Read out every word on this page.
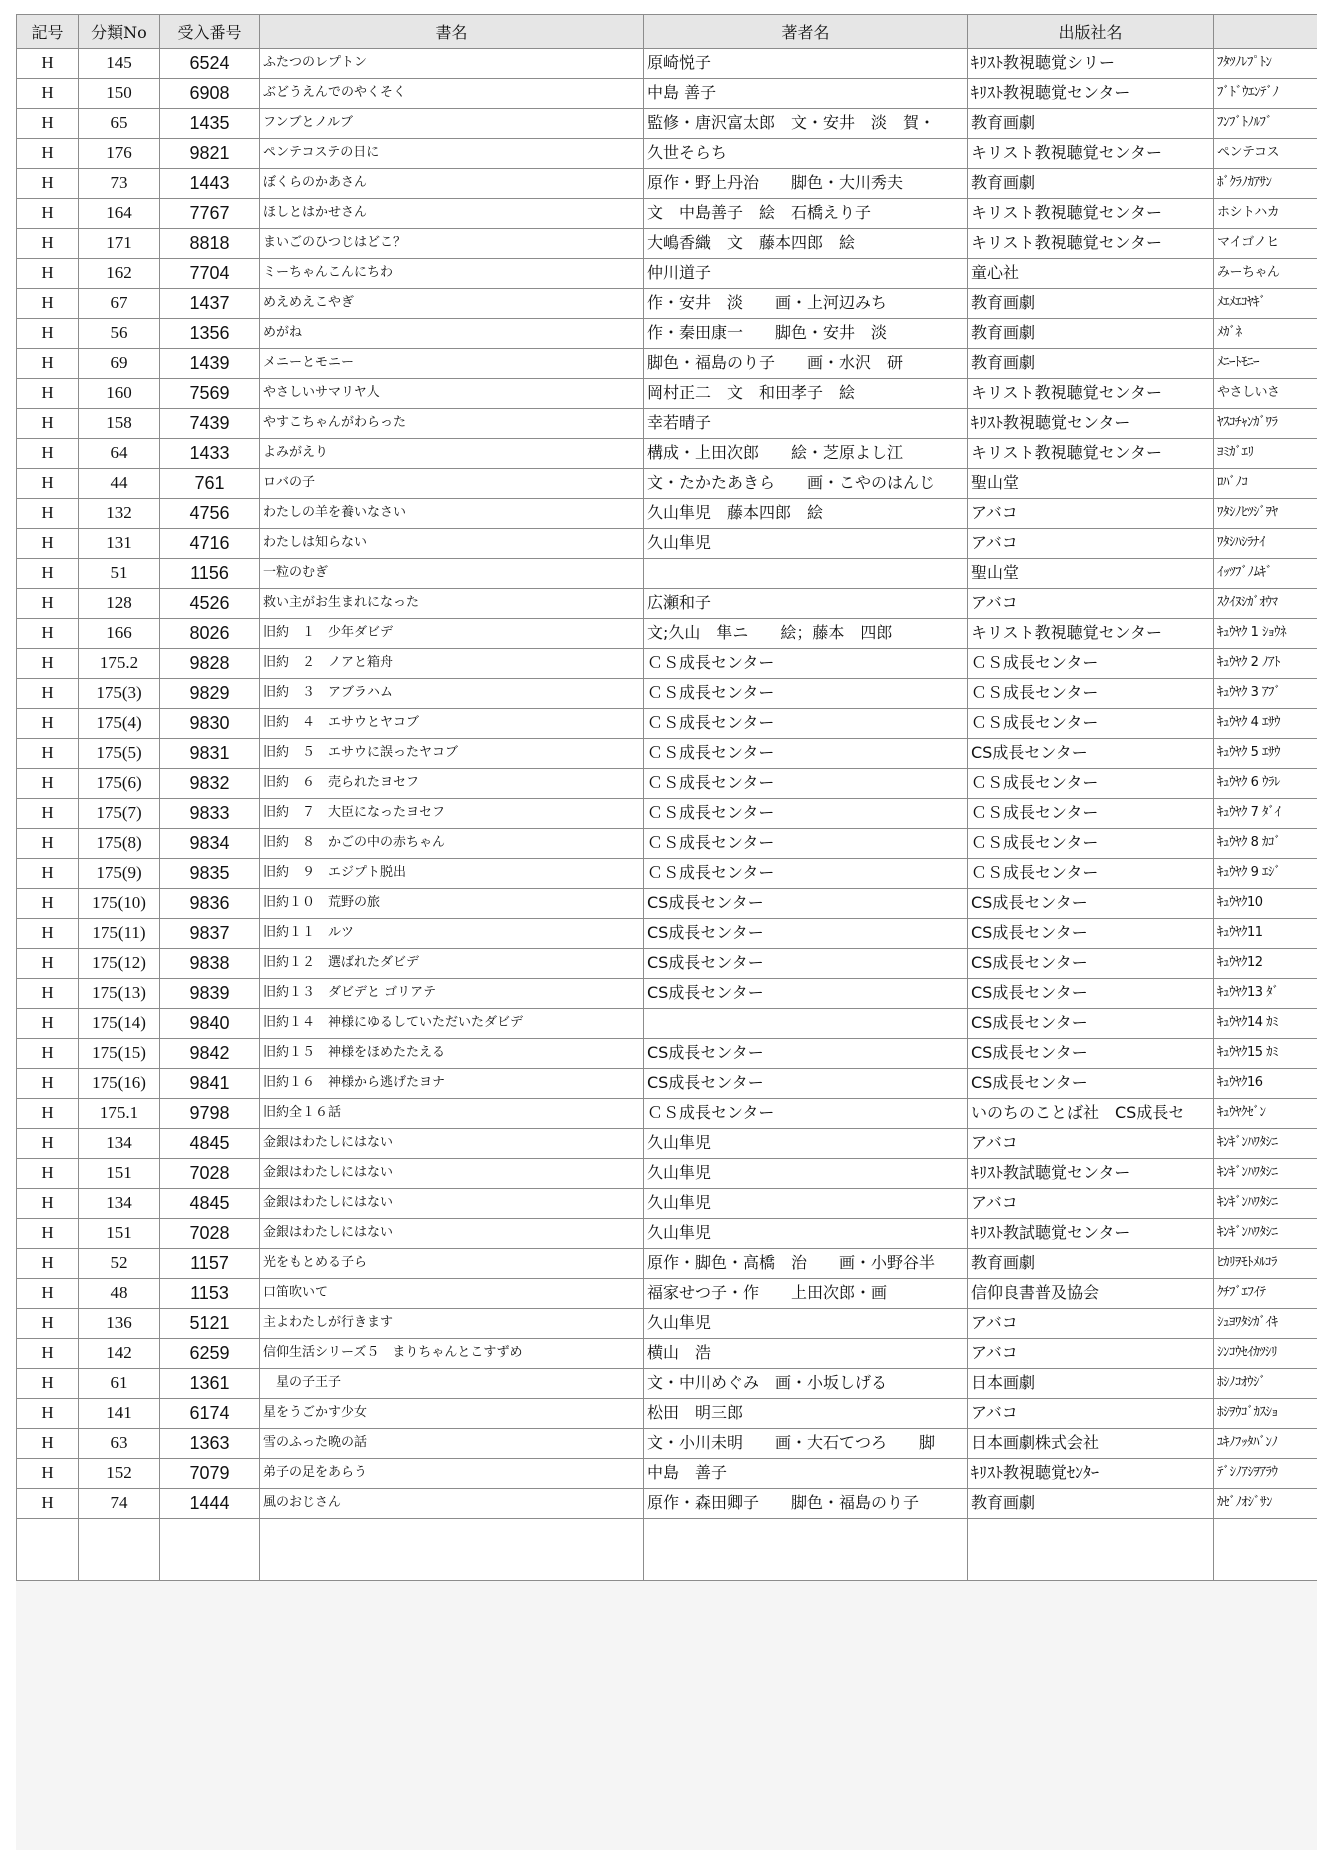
記号	分類No	受入番号	書名	著者名	出版社名	
H	145	6524	ふたつのレプトン	原崎悦子	ｷﾘｽﾄ教視聴覚シリー	ﾌﾀﾂﾉﾚﾌﾟﾄﾝ
H	150	6908	ぶどうえんでのやくそく	中島 善子	ｷﾘｽﾄ教視聴覚センター	ﾌﾞﾄﾞｳｴﾝﾃﾞﾉ
H	65	1435	フンブとノルブ	監修・唐沢富太郎　文・安井　淡　賀・	教育画劇	ﾌﾝﾌﾞﾄﾉﾙﾌﾞ
H	176	9821	ペンテコステの日に	久世そらち	キリスト教視聴覚センター	ペンテコス
H	73	1443	ぼくらのかあさん	原作・野上丹治　　脚色・大川秀夫	教育画劇	ﾎﾞｸﾗﾉｶｱｻﾝ
H	164	7767	ほしとはかせさん	文　中島善子　絵　石橋えり子	キリスト教視聴覚センター	ホシトハカ
H	171	8818	まいごのひつじはどこ？	大嶋香織　文　藤本四郎　絵	キリスト教視聴覚センター	マイゴノヒ
H	162	7704	ミーちゃんこんにちわ	仲川道子	童心社	みーちゃん
H	67	1437	めえめえこやぎ	作・安井　淡　　画・上河辺みち	教育画劇	ﾒｴﾒｴｺﾔｷﾞ
H	56	1356	めがね	作・秦田康一　　脚色・安井　淡	教育画劇	ﾒｶﾞﾈ
H	69	1439	メニーとモニー	脚色・福島のり子　　画・水沢　研	教育画劇	ﾒﾆｰﾄﾓﾆｰ
H	160	7569	やさしいサマリヤ人	岡村正二　文　和田孝子　絵	キリスト教視聴覚センター	やさしいさ
H	158	7439	やすこちゃんがわらった	幸若晴子	ｷﾘｽﾄ教視聴覚センター	ﾔｽｺﾁｬﾝｶﾞﾜﾗ
H	64	1433	よみがえり	構成・上田次郎　　絵・芝原よし江	キリスト教視聴覚センター	ﾖﾐｶﾞｴﾘ
H	44	761	ロバの子	文・たかたあきら　　画・こやのはんじ	聖山堂	ﾛﾊﾞﾉｺ
H	132	4756	わたしの羊を養いなさい	久山隼児　藤本四郎　絵	アバコ	ﾜﾀｼﾉﾋﾂｼﾞｦﾔ
H	131	4716	わたしは知らない	久山隼児	アバコ	ﾜﾀｼﾊｼﾗﾅｲ
H	51	1156	一粒のむぎ		聖山堂	ｲｯﾂﾌﾞﾉﾑｷﾞ
H	128	4526	救い主がお生まれになった	広瀬和子	アバコ	ｽｸｲﾇｼｶﾞｵｳﾏ
H	166	8026	旧約　１　少年ダビデ	文;久山　隼ニ　　絵；藤本　四郎	キリスト教視聴覚センター	ｷｭｳﾔｸ 1 ｼｮｳﾈ
H	175.2	9828	旧約　２　ノアと箱舟	ＣＳ成長センター	ＣＳ成長センター	ｷｭｳﾔｸ 2 ﾉｱﾄ
H	175(3)	9829	旧約　３　アブラハム	ＣＳ成長センター	ＣＳ成長センター	ｷｭｳﾔｸ 3 ｱﾌﾞ
H	175(4)	9830	旧約　４　エサウとヤコブ	ＣＳ成長センター	ＣＳ成長センター	ｷｭｳﾔｸ 4 ｴｻｳ
H	175(5)	9831	旧約　５　エサウに誤ったヤコブ	ＣＳ成長センター	CS成長センター	ｷｭｳﾔｸ 5 ｴｻｳ
H	175(6)	9832	旧約　６　売られたヨセフ	ＣＳ成長センター	ＣＳ成長センター	ｷｭｳﾔｸ 6 ｳﾗﾚ
H	175(7)	9833	旧約　７　大臣になったヨセフ	ＣＳ成長センター	ＣＳ成長センター	ｷｭｳﾔｸ 7 ﾀﾞｲ
H	175(8)	9834	旧約　８　かごの中の赤ちゃん	ＣＳ成長センター	ＣＳ成長センター	ｷｭｳﾔｸ 8 ｶｺﾞ
H	175(9)	9835	旧約　９　エジプト脱出	ＣＳ成長センター	ＣＳ成長センター	ｷｭｳﾔｸ 9 ｴｼﾞ
H	175(10)	9836	旧約１０　荒野の旅	CS成長センター	CS成長センター	ｷｭｳﾔｸ10
H	175(11)	9837	旧約１１　ルツ	CS成長センター	CS成長センター	ｷｭｳﾔｸ11
H	175(12)	9838	旧約１２　選ばれたダビデ	CS成長センター	CS成長センター	ｷｭｳﾔｸ12
H	175(13)	9839	旧約１３　ダビデと ゴリアテ	CS成長センター	CS成長センター	ｷｭｳﾔｸ13 ﾀﾞ
H	175(14)	9840	旧約１４　神様にゆるしていただいたダビデ		CS成長センター	ｷｭｳﾔｸ14 ｶﾐ
H	175(15)	9842	旧約１５　神様をほめたたえる	CS成長センター	CS成長センター	ｷｭｳﾔｸ15 ｶﾐ
H	175(16)	9841	旧約１６　神様から逃げたヨナ	CS成長センター	CS成長センター	ｷｭｳﾔｸ16
H	175.1	9798	旧約全１６話	ＣＳ成長センター	いのちのことば社　CS成長セ	ｷｭｳﾔｸｾﾞﾝ
H	134	4845	金銀はわたしにはない	久山隼児	アバコ	ｷﾝｷﾞﾝﾊﾜﾀｼﾆ
H	151	7028	金銀はわたしにはない	久山隼児	ｷﾘｽﾄ教試聴覚センター	ｷﾝｷﾞﾝﾊﾜﾀｼﾆ
H	134	4845	金銀はわたしにはない	久山隼児	アバコ	ｷﾝｷﾞﾝﾊﾜﾀｼﾆ
H	151	7028	金銀はわたしにはない	久山隼児	ｷﾘｽﾄ教試聴覚センター	ｷﾝｷﾞﾝﾊﾜﾀｼﾆ
H	52	1157	光をもとめる子ら	原作・脚色・高橋　治　　画・小野谷半	教育画劇	ﾋｶﾘｦﾓﾄﾒﾙｺﾗ
H	48	1153	口笛吹いて	福家せつ子・作　　上田次郎・画	信仰良書普及協会	ｸﾁﾌﾞｴﾌｲﾃ
H	136	5121	主よわたしが行きます	久山隼児	アバコ	ｼｭﾖﾜﾀｼｶﾞｲｷ
H	142	6259	信仰生活シリーズ５　まりちゃんとこすずめ	横山　浩	アバコ	ｼﾝｺｳｾｲｶﾂｼﾘ
H	61	1361	　星の子王子	文・中川めぐみ　画・小坂しげる	日本画劇	ﾎｼﾉｺｵｳｼﾞ
H	141	6174	星をうごかす少女	松田　明三郎	アバコ	ﾎｼｦｳｺﾞｶｽｼｮ
H	63	1363	雪のふった晩の話	文・小川未明　　画・大石てつろ　　脚	日本画劇株式会社	ﾕｷﾉﾌｯﾀﾊﾞﾝﾉ
H	152	7079	弟子の足をあらう	中島　善子	ｷﾘｽﾄ教視聴覚ｾﾝﾀｰ	ﾃﾞｼﾉｱｼｦｱﾗｳ
H	74	1444	風のおじさん	原作・森田卿子　　脚色・福島のり子	教育画劇	ｶｾﾞﾉｵｼﾞｻﾝ
